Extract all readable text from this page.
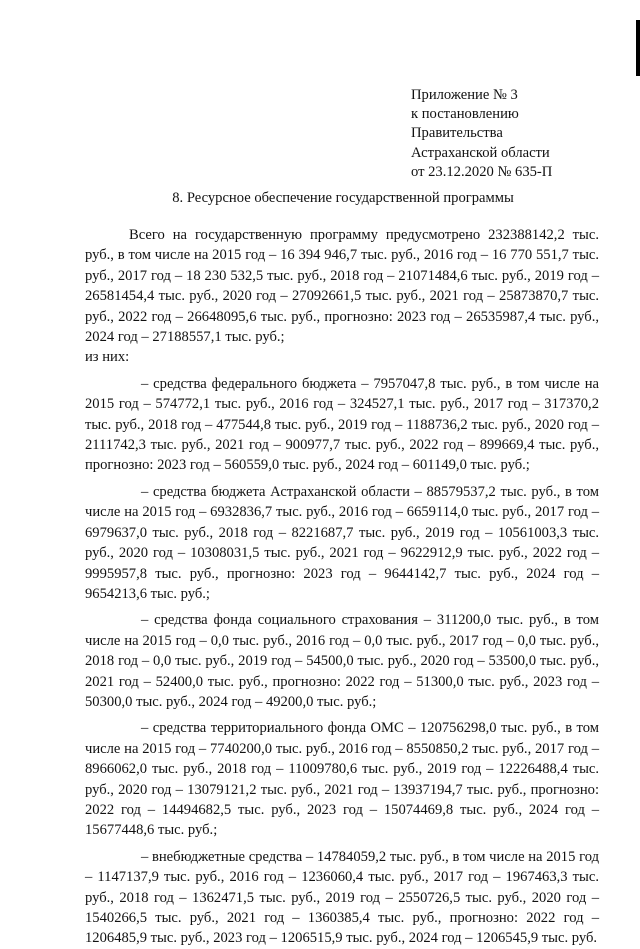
Приложение № 3
к постановлению
Правительства
Астраханской области
от 23.12.2020 № 635-П
8. Ресурсное обеспечение государственной программы

Всего на государственную программу предусмотрено 232388142,2 тыс. руб., в том числе на 2015 год – 16 394 946,7 тыс. руб., 2016 год – 16 770 551,7 тыс. руб., 2017 год – 18 230 532,5 тыс. руб., 2018 год – 21071484,6 тыс. руб., 2019 год – 26581454,4 тыс. руб., 2020 год – 27092661,5 тыс. руб., 2021 год – 25873870,7 тыс. руб., 2022 год – 26648095,6 тыс. руб., прогнозно: 2023 год – 26535987,4 тыс. руб., 2024 год – 27188557,1 тыс. руб.;

из них:

– средства федерального бюджета – 7957047,8 тыс. руб., в том числе на 2015 год – 574772,1 тыс. руб., 2016 год – 324527,1 тыс. руб., 2017 год – 317370,2 тыс. руб., 2018 год – 477544,8 тыс. руб., 2019 год – 1188736,2 тыс. руб., 2020 год – 2111742,3 тыс. руб., 2021 год – 900977,7 тыс. руб., 2022 год – 899669,4 тыс. руб., прогнозно: 2023 год – 560559,0 тыс. руб., 2024 год – 601149,0 тыс. руб.;

– средства бюджета Астраханской области – 88579537,2 тыс. руб., в том числе на 2015 год – 6932836,7 тыс. руб., 2016 год – 6659114,0 тыс. руб., 2017 год – 6979637,0 тыс. руб., 2018 год – 8221687,7 тыс. руб., 2019 год – 10561003,3 тыс. руб., 2020 год – 10308031,5 тыс. руб., 2021 год – 9622912,9 тыс. руб., 2022 год – 9995957,8 тыс. руб., прогнозно: 2023 год – 9644142,7 тыс. руб., 2024 год – 9654213,6 тыс. руб.;

– средства фонда социального страхования – 311200,0 тыс. руб., в том числе на 2015 год – 0,0 тыс. руб., 2016 год – 0,0 тыс. руб., 2017 год – 0,0 тыс. руб., 2018 год – 0,0 тыс. руб., 2019 год – 54500,0 тыс. руб., 2020 год – 53500,0 тыс. руб., 2021 год – 52400,0 тыс. руб., прогнозно: 2022 год – 51300,0 тыс. руб., 2023 год – 50300,0 тыс. руб., 2024 год – 49200,0 тыс. руб.;

– средства территориального фонда ОМС – 120756298,0 тыс. руб., в том числе на 2015 год – 7740200,0 тыс. руб., 2016 год – 8550850,2 тыс. руб., 2017 год – 8966062,0 тыс. руб., 2018 год – 11009780,6 тыс. руб., 2019 год – 12226488,4 тыс. руб., 2020 год – 13079121,2 тыс. руб., 2021 год – 13937194,7 тыс. руб., прогнозно: 2022 год – 14494682,5 тыс. руб., 2023 год – 15074469,8 тыс. руб., 2024 год – 15677448,6 тыс. руб.;

– внебюджетные средства – 14784059,2 тыс. руб., в том числе на 2015 год – 1147137,9 тыс. руб., 2016 год – 1236060,4 тыс. руб., 2017 год – 1967463,3 тыс. руб., 2018 год – 1362471,5 тыс. руб., 2019 год – 2550726,5 тыс. руб., 2020 год – 1540266,5 тыс. руб., 2021 год – 1360385,4 тыс. руб., прогнозно: 2022 год – 1206485,9 тыс. руб., 2023 год – 1206515,9 тыс. руб., 2024 год – 1206545,9 тыс. руб.
